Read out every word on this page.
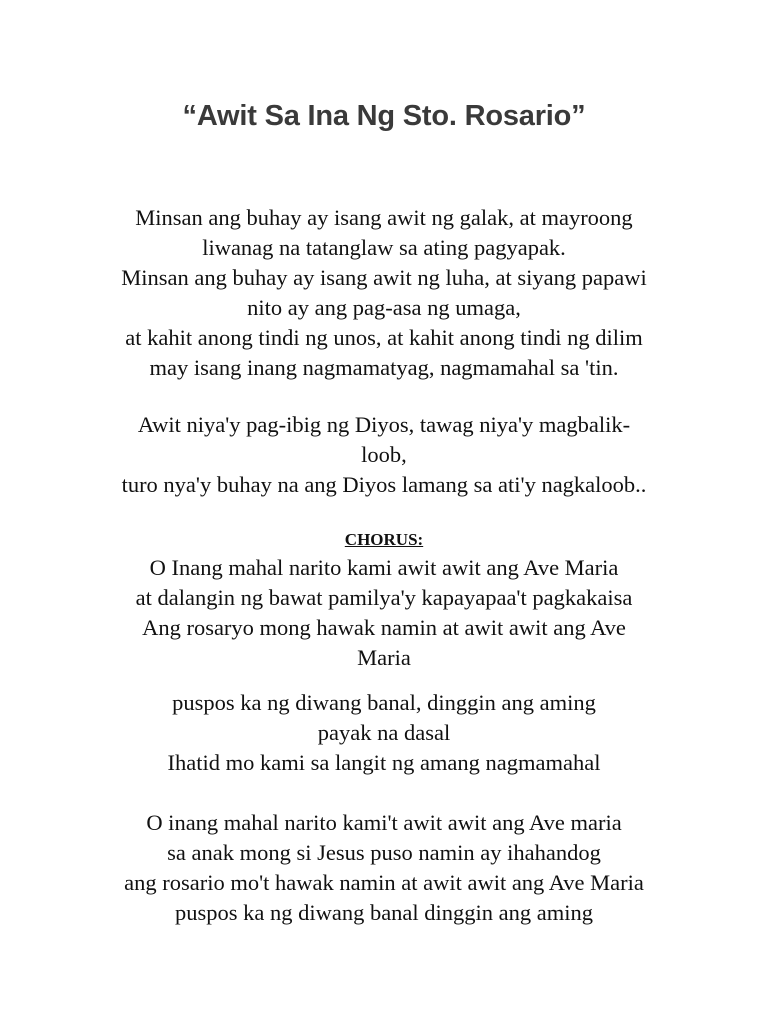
“Awit Sa Ina Ng Sto. Rosario”
Minsan ang buhay ay isang awit ng galak, at mayroong
liwanag na tatanglaw sa ating pagyapak.
Minsan ang buhay ay isang awit ng luha, at siyang papawi
nito ay ang pag-asa ng umaga,
at kahit anong tindi ng unos, at kahit anong tindi ng dilim
may isang inang nagmamatyag, nagmamahal sa 'tin.
Awit niya'y pag-ibig ng Diyos, tawag niya'y magbalik-
loob,
turo nya'y buhay na ang Diyos lamang sa ati'y nagkaloob..
CHORUS:
O Inang mahal narito kami awit awit ang Ave Maria
at dalangin ng bawat pamilya'y kapayapaa't pagkakaisa
Ang rosaryo mong hawak namin at awit awit ang Ave
Maria
puspos ka ng diwang banal, dinggin ang aming
payak na dasal
Ihatid mo kami sa langit ng amang nagmamahal
O inang mahal narito kami't awit awit ang Ave maria
sa anak mong si Jesus puso namin ay ihahandog
ang rosario mo't hawak namin at awit awit ang Ave Maria
puspos ka ng diwang banal dinggin ang aming
